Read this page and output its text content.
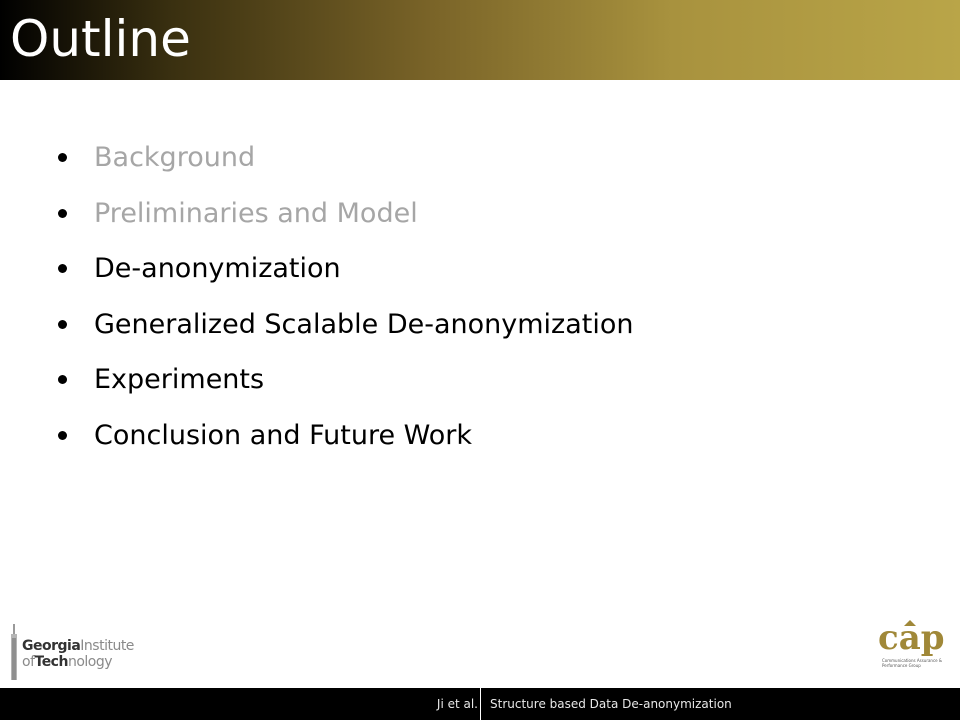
Outline
Background
Preliminaries and Model
De-anonymization
Generalized Scalable De-anonymization
Experiments
Conclusion and Future Work
GeorgiaInstitute
ofTechnology
cap
Communications Assurance & Performance Group
Ji et al. Structure based Data De-anonymization
